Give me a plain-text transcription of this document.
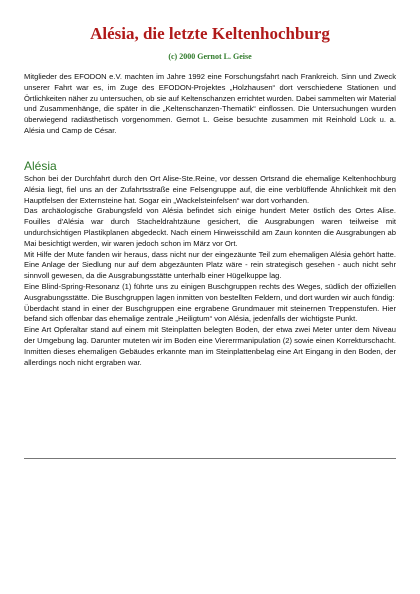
Alésia, die letzte Keltenhochburg
(c) 2000 Gernot L. Geise

Mitglieder des EFODON e.V. machten im Jahre 1992 eine Forschungsfahrt nach Frankreich. Sinn und Zweck unserer Fahrt war es, im Zuge des EFODON-Projektes „Holzhausen“ dort verschiedene Stationen und Örtlichkeiten näher zu untersuchen, ob sie auf Keltenschanzen errichtet wurden. Dabei sammelten wir Material und Zusammenhänge, die später in die „Keltenschanzen-Thematik“ einflossen. Die Untersuchungen wurden überwiegend radiästhetisch vorgenommen. Gernot L. Geise besuchte zusammen mit Reinhold Lück u. a. Alésia und Camp de César.

Alésia

Schon bei der Durchfahrt durch den Ort Alise-Ste.Reine, vor dessen Ortsrand die ehemalige Keltenhochburg Alésia liegt, fiel uns an der Zufahrtsstraße eine Felsengruppe auf, die eine verblüffende Ähnlichkeit mit den Hauptfelsen der Externsteine hat. Sogar ein „Wackelsteinfelsen“ war dort vorhanden.

Das archäologische Grabungsfeld von Alésia befindet sich einige hundert Meter östlich des Ortes Alise. Fouilles d'Alésia war durch Stacheldrahtzäune gesichert, die Ausgrabungen waren teilweise mit undurchsichtigen Plastikplanen abgedeckt. Nach einem Hinweisschild am Zaun konnten die Ausgrabungen ab Mai besichtigt werden, wir waren jedoch schon im März vor Ort.

Mit Hilfe der Mute fanden wir heraus, dass nicht nur der eingezäunte Teil zum ehemaligen Alésia gehört hatte. Eine Anlage der Siedlung nur auf dem abgezäunten Platz wäre - rein strategisch gesehen - auch nicht sehr sinnvoll gewesen, da die Ausgrabungsstätte unterhalb einer Hügelkuppe lag.

Eine Blind-Spring-Resonanz (1) führte uns zu einigen Buschgruppen rechts des Weges, südlich der offiziellen Ausgrabungsstätte. Die Buschgruppen lagen inmitten von bestellten Feldern, und dort wurden wir auch fündig:

Überdacht stand in einer der Buschgruppen eine ergrabene Grundmauer mit steinernen Treppenstufen. Hier befand sich offenbar das ehemalige zentrale „Heiligtum“ von Alésia, jedenfalls der wichtigste Punkt.

Eine Art Opferaltar stand auf einem mit Steinplatten belegten Boden, der etwa zwei Meter unter dem Niveau der Umgebung lag. Darunter muteten wir im Boden eine Viererrmanipulation (2) sowie einen Korrekturschacht. Inmitten dieses ehemaligen Gebäudes erkannte man im Steinplattenbelag eine Art Eingang in den Boden, der allerdings noch nicht ergraben war.
